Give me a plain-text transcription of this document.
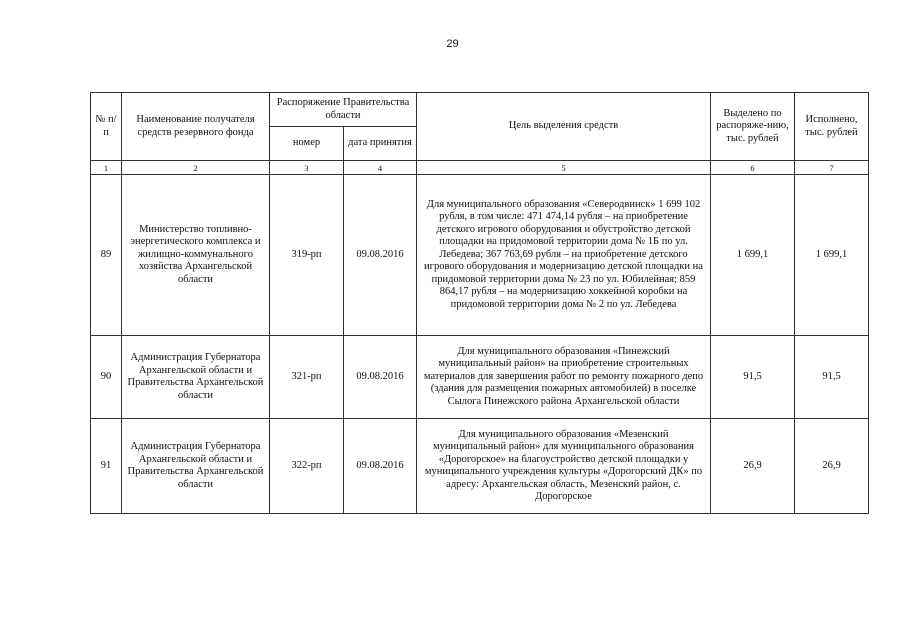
29
№ п/п	Наименование получателя средств резервного фонда	Распоряжение Правительства области		Цель выделения средств	Выделено по распоряже-нию, тыс. рублей	Исполнено, тыс. рублей
		номер	дата принятия			
1	2	3	4	5	6	7
89	Министерство топливно-энергетического комплекса и жилищно-коммунального хозяйства Архангельской области	319-рп	09.08.2016	Для муниципального образования «Северодвинск» 1 699 102 рубля, в том числе: 471 474,14 рубля – на приобретение детского игрового оборудования и обустройство детской площадки на придомовой территории дома № 1Б по ул. Лебедева; 367 763,69 рубля – на приобретение детского игрового оборудования и модернизацию детской площадки на придомовой территории дома № 23 по ул. Юбилейная; 859 864,17 рубля – на модернизацию хоккейной коробки на придомовой территории дома № 2 по ул. Лебедева	1 699,1	1 699,1
90	Администрация Губернатора Архангельской области и Правительства Архангельской области	321-рп	09.08.2016	Для муниципального образования «Пинежский муниципальный район» на приобретение строительных материалов для завершения работ по ремонту пожарного депо (здания для размещения пожарных автомобилей) в поселке Сылога Пинежского района Архангельской области	91,5	91,5
91	Администрация Губернатора Архангельской области и Правительства Архангельской области	322-рп	09.08.2016	Для муниципального образования «Мезенский муниципальный район» для муниципального образования «Дорогорское» на благоустройство детской площадки у муниципального учреждения культуры «Дорогорский ДК» по адресу: Архангельская область, Мезенский район, с. Дорогорское	26,9	26,9
